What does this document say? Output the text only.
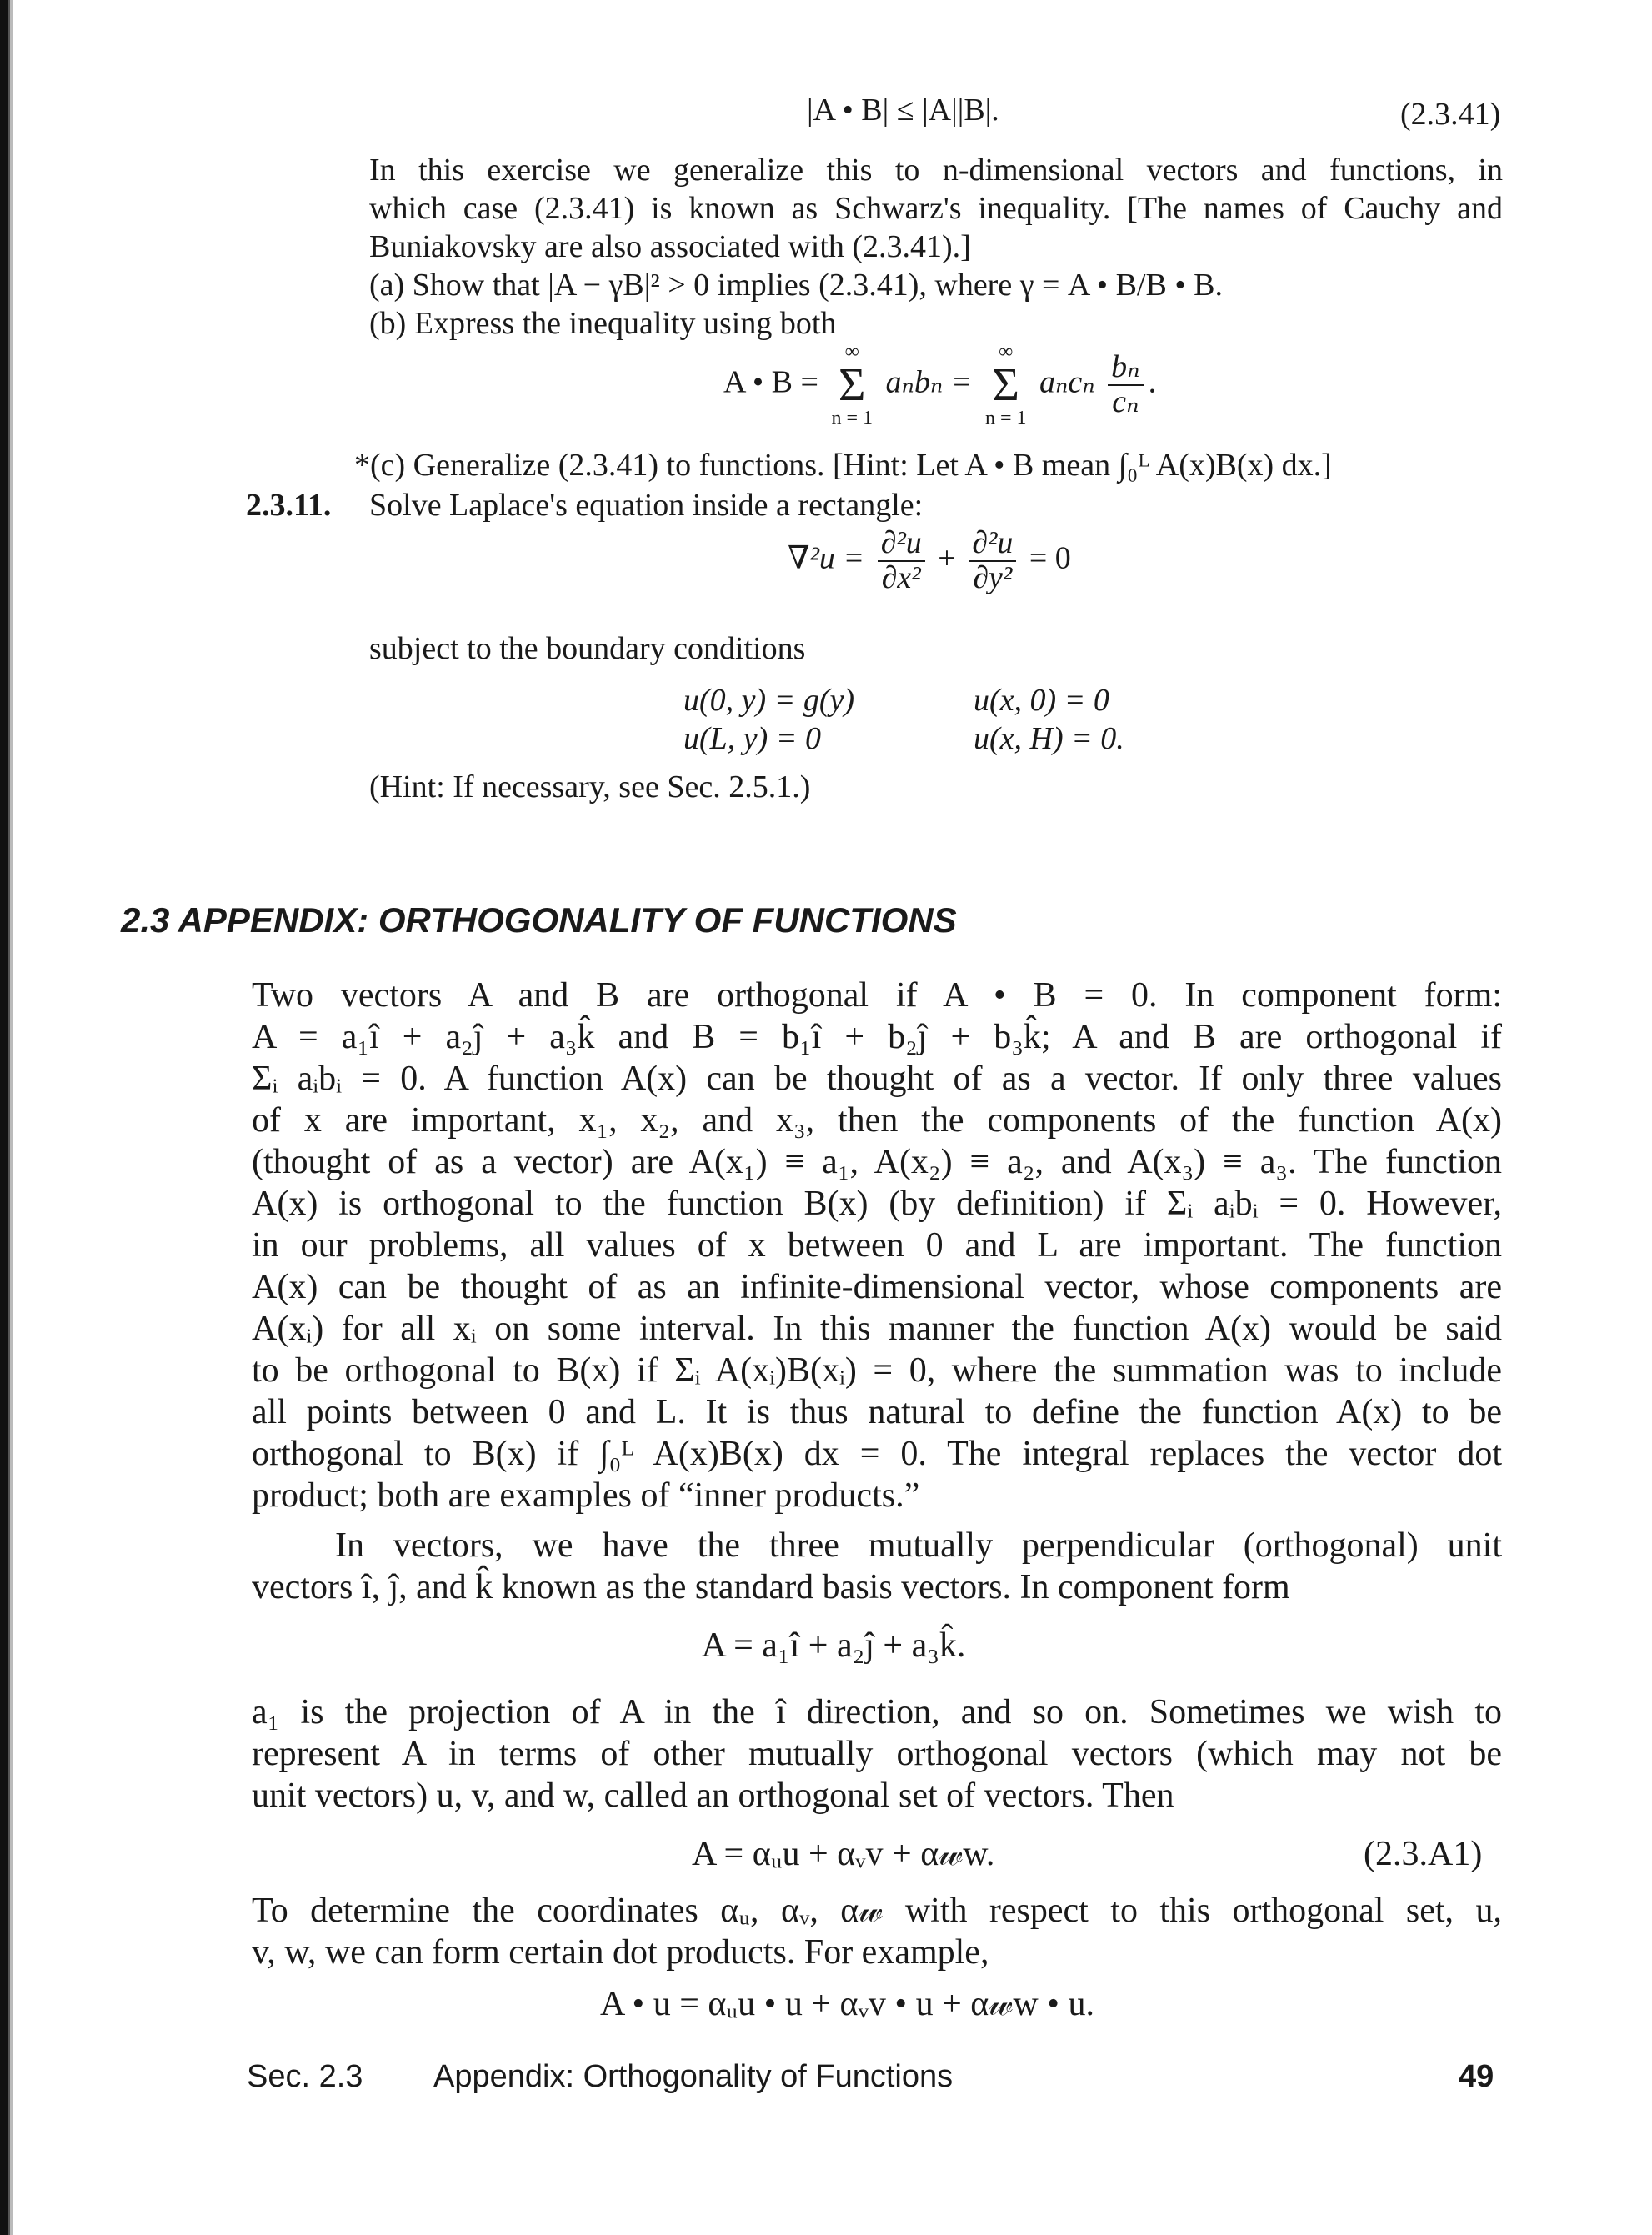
|A • B| ≤ |A||B|.	(2.3.41)
In this exercise we generalize this to n-dimensional vectors and functions, in
which case (2.3.41) is known as Schwarz's inequality. [The names of Cauchy and
Buniakovsky are also associated with (2.3.41).]
(a) Show that |A − γB|² > 0 implies (2.3.41), where γ = A • B/B • B.
(b) Express the inequality using both
A • B =
∞
Σ
n = 1
aₙbₙ =
∞
Σ
n = 1
aₙcₙ $\frac{\text{bₙ}}{\text{cₙ}}$ .
*(c) Generalize (2.3.41) to functions. [Hint: Let A • B mean ∫₀ᴸ A(x)B(x) dx.]
2.3.11. Solve Laplace's equation inside a rectangle:
$\nabla^2u = \frac{\text{∂²u}}{\text{∂x²}} + \frac{\text{∂²u}}{\text{∂y²}} = 0$
subject to the boundary conditions
u(0, y) = g(y)	u(x, 0) = 0
u(L, y) = 0	u(x, H) = 0.
(Hint: If necessary, see Sec. 2.5.1.)
2.3 APPENDIX: ORTHOGONALITY OF FUNCTIONS
Two vectors A and B are orthogonal if A • B = 0. In component form:
A = a₁î + a₂ĵ + a₃k̂ and B = b₁î + b₂ĵ + b₃k̂; A and B are orthogonal if
Σᵢ aᵢbᵢ = 0. A function A(x) can be thought of as a vector. If only three values
of x are important, x₁, x₂, and x₃, then the components of the function A(x)
(thought of as a vector) are A(x₁) ≡ a₁, A(x₂) ≡ a₂, and A(x₃) ≡ a₃. The function
A(x) is orthogonal to the function B(x) (by definition) if Σᵢ aᵢbᵢ = 0. However,
in our problems, all values of x between 0 and L are important. The function
A(x) can be thought of as an infinite-dimensional vector, whose components are
A(xᵢ) for all xᵢ on some interval. In this manner the function A(x) would be said
to be orthogonal to B(x) if Σᵢ A(xᵢ)B(xᵢ) = 0, where the summation was to include
all points between 0 and L. It is thus natural to define the function A(x) to be
orthogonal to B(x) if ∫₀ᴸ A(x)B(x) dx = 0. The integral replaces the vector dot
product; both are examples of “inner products.”
In vectors, we have the three mutually perpendicular (orthogonal) unit
vectors î, ĵ, and k̂ known as the standard basis vectors. In component form
A = a₁î + a₂ĵ + a₃k̂.
a₁ is the projection of A in the î direction, and so on. Sometimes we wish to
represent A in terms of other mutually orthogonal vectors (which may not be
unit vectors) u, v, and w, called an orthogonal set of vectors. Then
A = αᵤu + αᵥv + α𝓌w.	(2.3.A1)
To determine the coordinates αᵤ, αᵥ, α𝓌 with respect to this orthogonal set, u,
v, w, we can form certain dot products. For example,
A • u = αᵤu • u + αᵥv • u + α𝓌w • u.
Sec. 2.3 Appendix: Orthogonality of Functions	49
